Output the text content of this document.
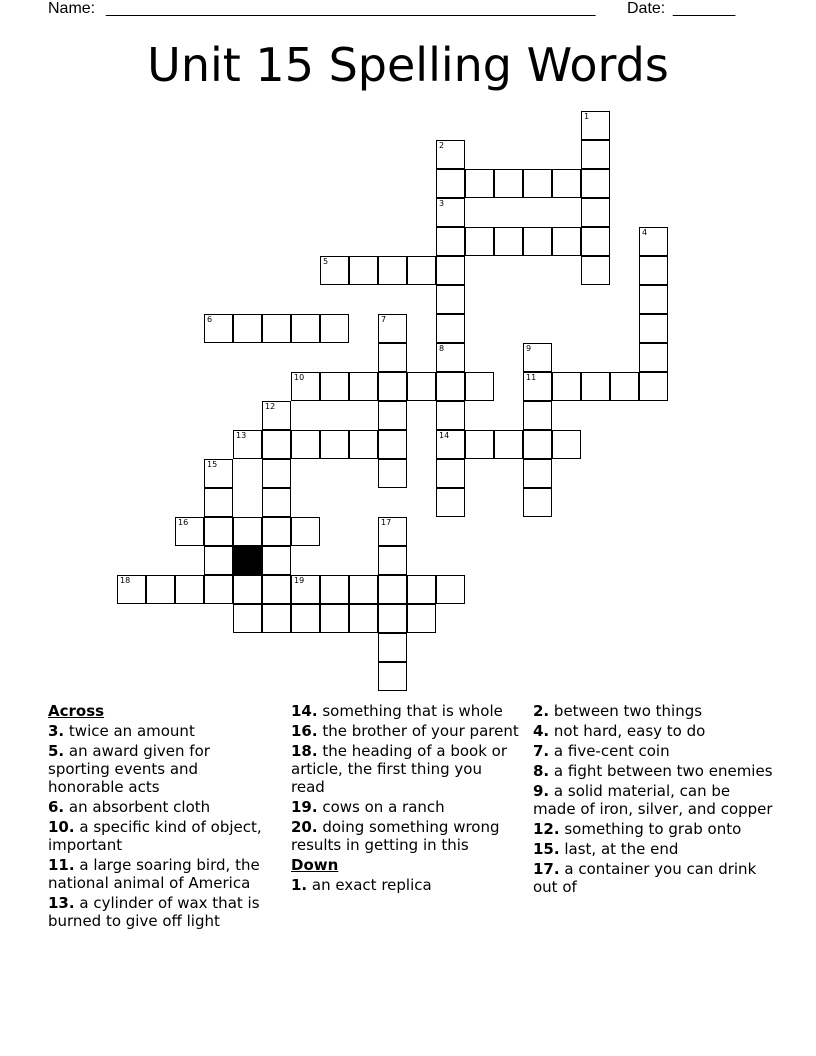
Name: _______________________________________________________ Date: _______
Unit 15 Spelling Words
1
2
3
4
5
6	7
8
14
9
11
10
12
13
15
16	17
18	19
Across
3. twice an amount
5. an award given for sporting events and honorable acts
6. an absorbent cloth
10. a specific kind of object, important
11. a large soaring bird, the national animal of America
13. a cylinder of wax that is burned to give off light
14. something that is whole
16. the brother of your parent
18. the heading of a book or article, the first thing you read
19. cows on a ranch
20. doing something wrong results in getting in this
Down
1. an exact replica
2. between two things
4. not hard, easy to do
7. a five-cent coin
8. a fight between two enemies
9. a solid material, can be made of iron, silver, and copper
12. something to grab onto
15. last, at the end
17. a container you can drink out of
